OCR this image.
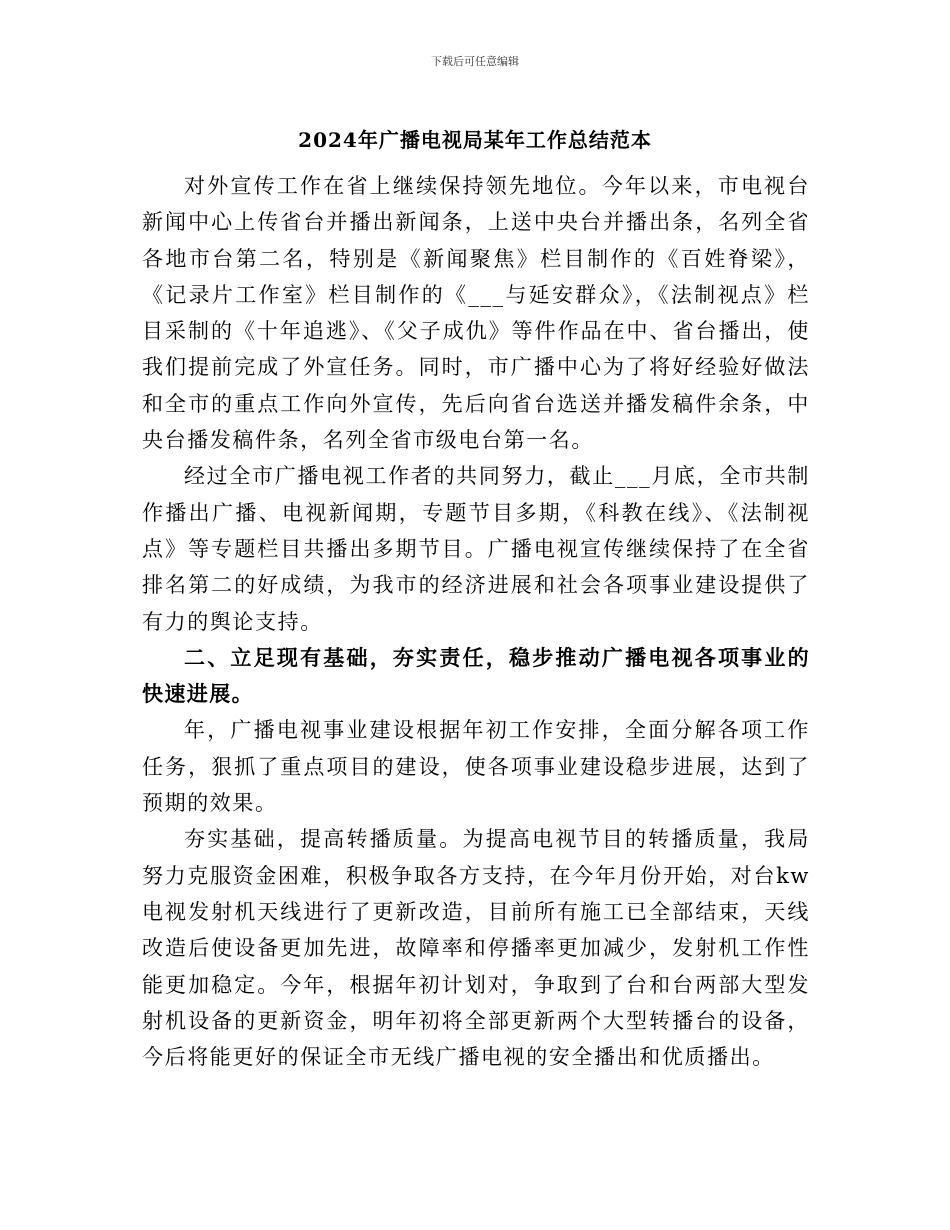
下载后可任意编辑
2024年广播电视局某年工作总结范本

对外宣传工作在省上继续保持领先地位。今年以来，市电视台新闻中心上传省台并播出新闻条，上送中央台并播出条，名列全省各地市台第二名，特别是《新闻聚焦》栏目制作的《百姓脊梁》，《记录片工作室》栏目制作的《___与延安群众》，《法制视点》栏目采制的《十年追逃》、《父子成仇》等件作品在中、省台播出，使我们提前完成了外宣任务。同时，市广播中心为了将好经验好做法和全市的重点工作向外宣传，先后向省台选送并播发稿件余条，中央台播发稿件条，名列全省市级电台第一名。

经过全市广播电视工作者的共同努力，截止___月底，全市共制作播出广播、电视新闻期，专题节目多期，《科教在线》、《法制视点》等专题栏目共播出多期节目。广播电视宣传继续保持了在全省排名第二的好成绩，为我市的经济进展和社会各项事业建设提供了有力的舆论支持。

二、立足现有基础，夯实责任，稳步推动广播电视各项事业的快速进展。

年，广播电视事业建设根据年初工作安排，全面分解各项工作任务，狠抓了重点项目的建设，使各项事业建设稳步进展，达到了预期的效果。

夯实基础，提高转播质量。为提高电视节目的转播质量，我局努力克服资金困难，积极争取各方支持，在今年月份开始，对台kw电视发射机天线进行了更新改造，目前所有施工已全部结束，天线改造后使设备更加先进，故障率和停播率更加减少，发射机工作性能更加稳定。今年，根据年初计划对，争取到了台和台两部大型发射机设备的更新资金，明年初将全部更新两个大型转播台的设备，今后将能更好的保证全市无线广播电视的安全播出和优质播出。
